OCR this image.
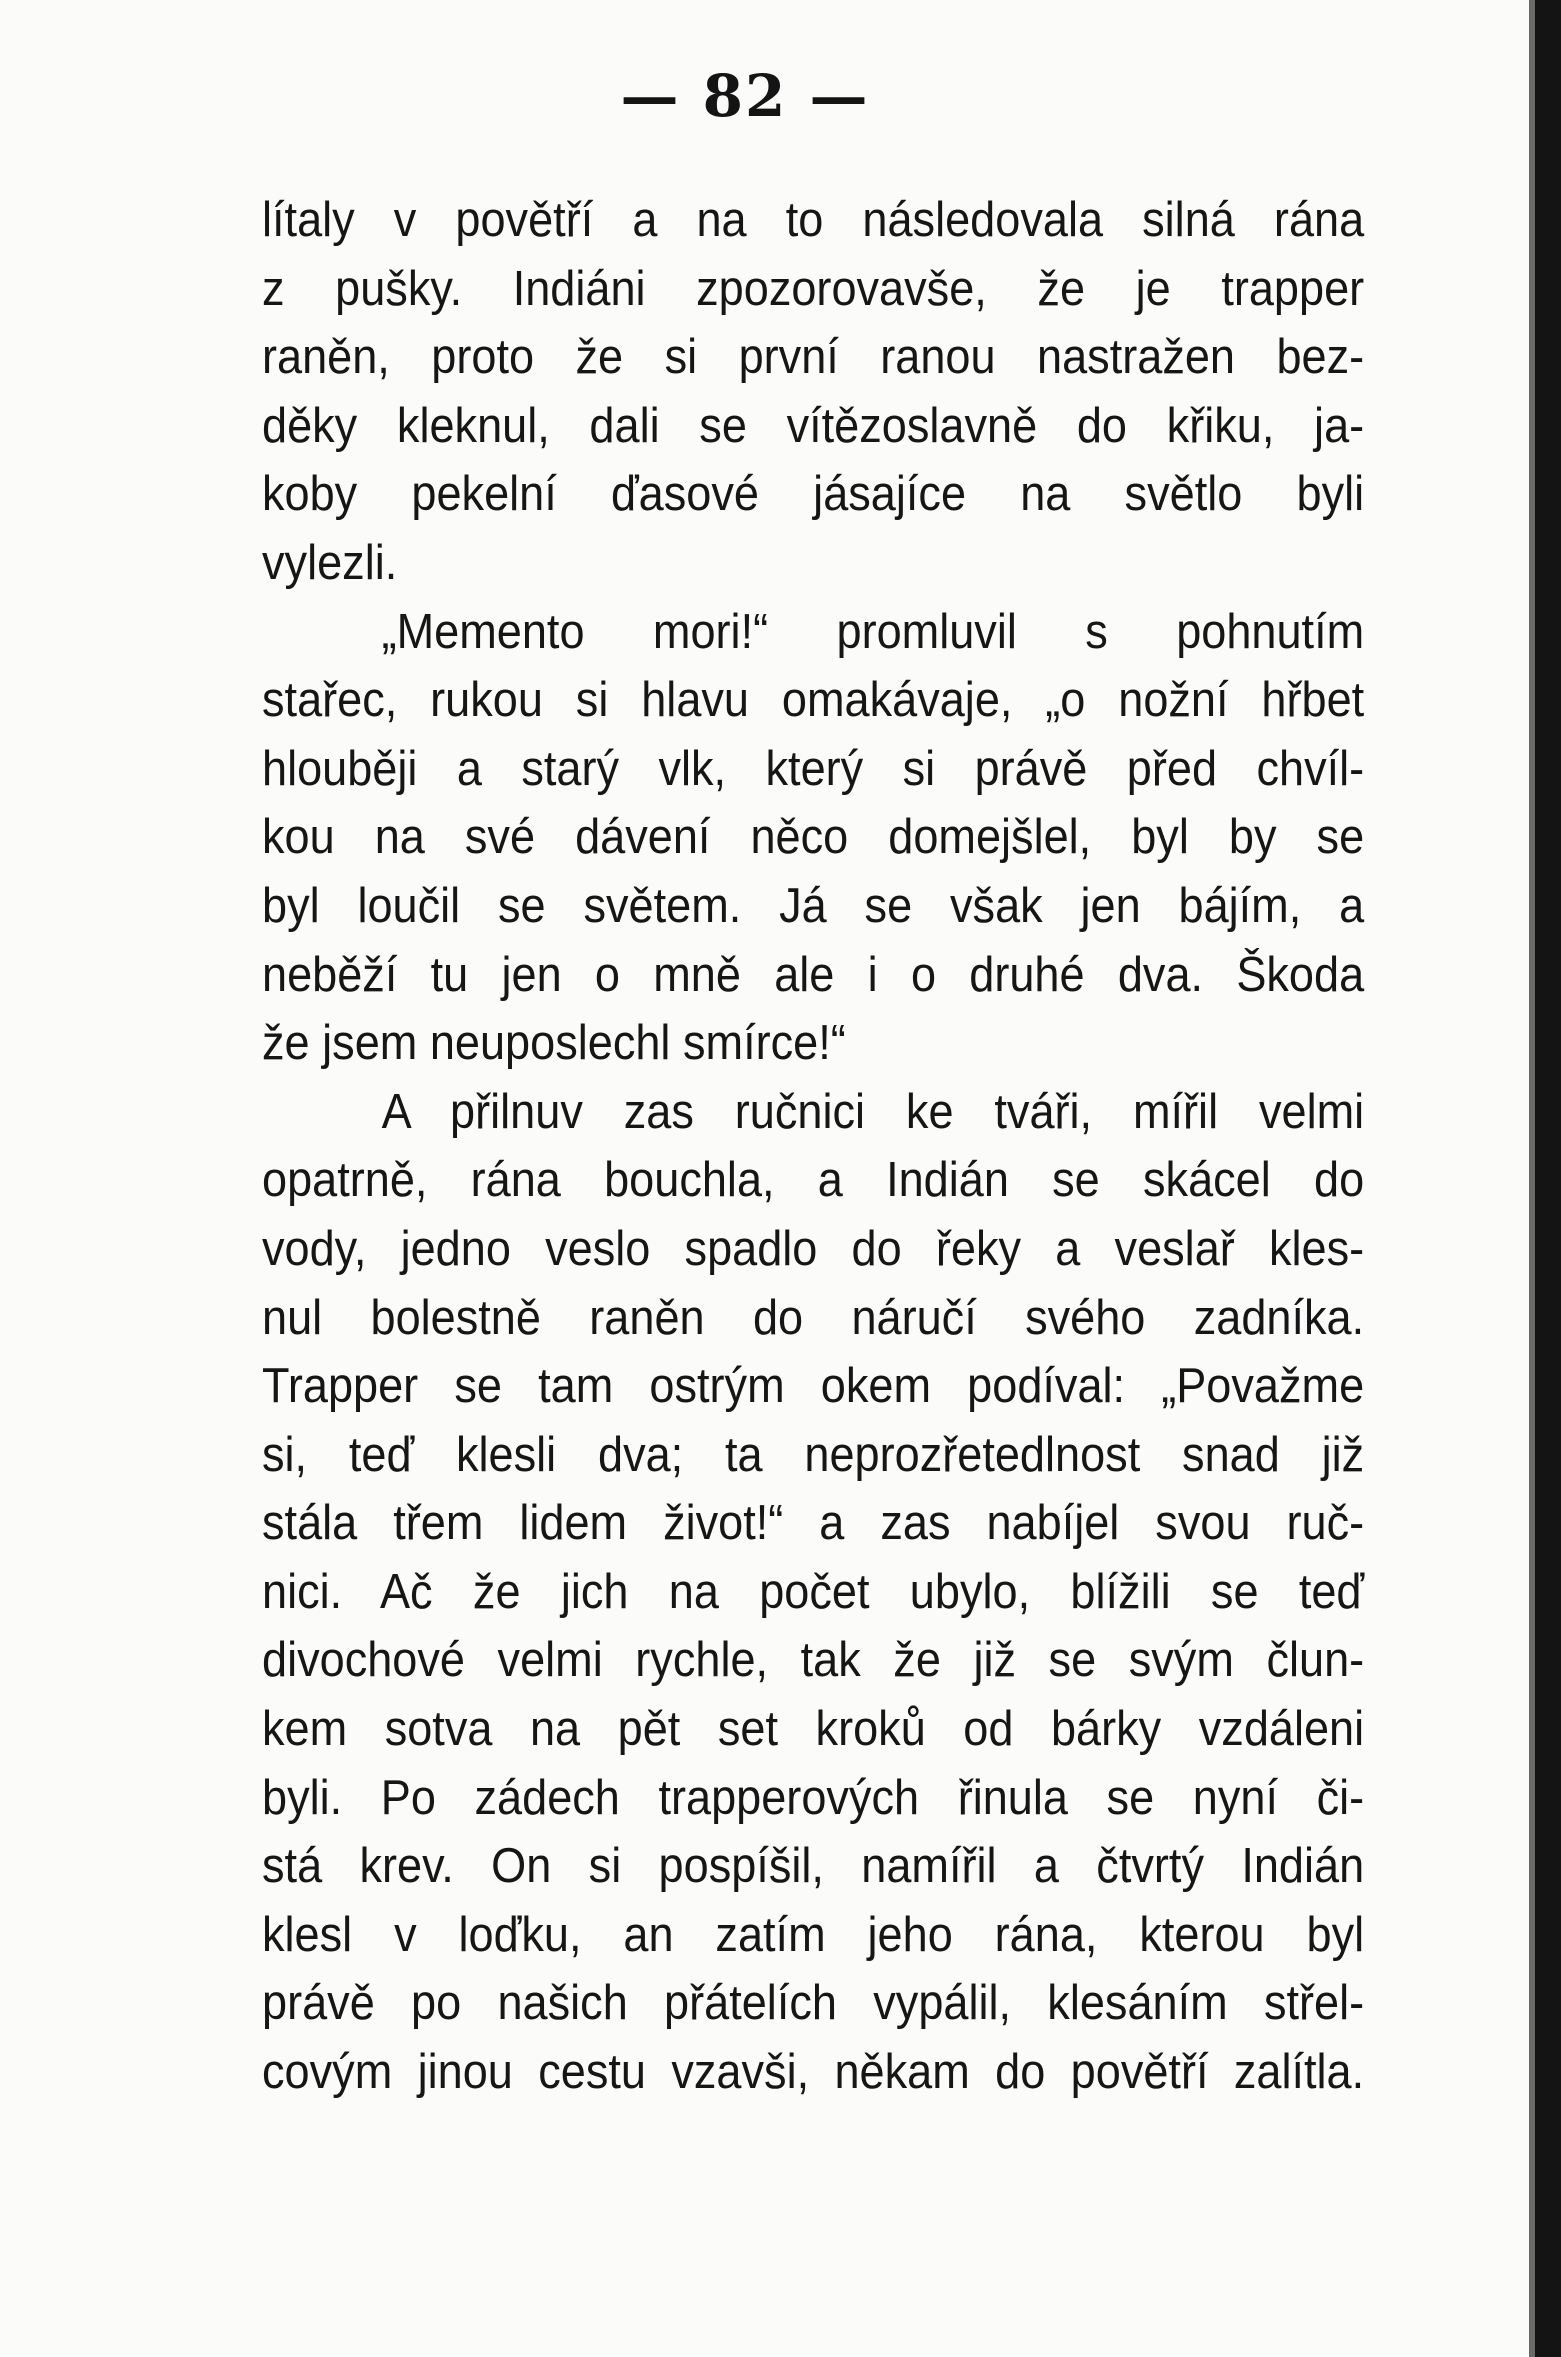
— 82 —
lítaly v povětří a na to následovala silná rána
z pušky. Indiáni zpozorovavše, že je trapper
raněn, proto že si první ranou nastražen bez-
děky kleknul, dali se vítězoslavně do křiku, ja-
koby pekelní ďasové jásajíce na světlo byli
vylezli.
„Memento mori!“ promluvil s pohnutím
stařec, rukou si hlavu omakávaje, „o nožní hřbet
hlouběji a starý vlk, který si právě před chvíl-
kou na své dávení něco domejšlel, byl by se
byl loučil se světem. Já se však jen bájím, a
neběží tu jen o mně ale i o druhé dva. Škoda
že jsem neuposlechl smírce!“
A přilnuv zas ručnici ke tváři, mířil velmi
opatrně, rána bouchla, a Indián se skácel do
vody, jedno veslo spadlo do řeky a veslař kles-
nul bolestně raněn do náručí svého zadníka.
Trapper se tam ostrým okem podíval: „Považme
si, teď klesli dva; ta neprozřetedlnost snad již
stála třem lidem život!“ a zas nabíjel svou ruč-
nici. Ač že jich na počet ubylo, blížili se teď
divochové velmi rychle, tak že již se svým člun-
kem sotva na pět set kroků od bárky vzdáleni
byli. Po zádech trapperových řinula se nyní či-
stá krev. On si pospíšil, namířil a čtvrtý Indián
klesl v loďku, an zatím jeho rána, kterou byl
právě po našich přátelích vypálil, klesáním střel-
covým jinou cestu vzavši, někam do povětří zalítla.
